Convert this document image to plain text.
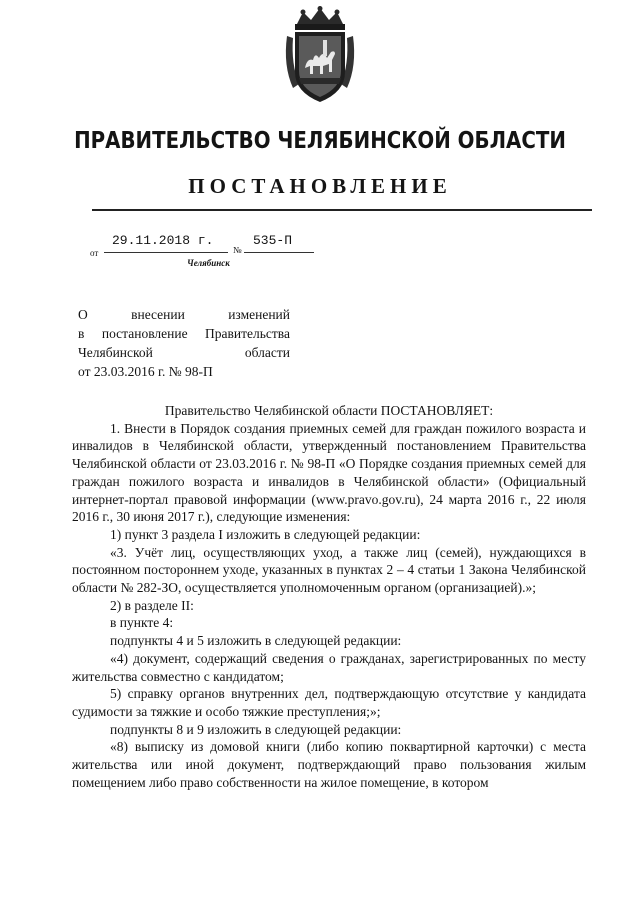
ПРАВИТЕЛЬСТВО ЧЕЛЯБИНСКОЙ ОБЛАСТИ
ПОСТАНОВЛЕНИЕ
от
29.11.2018 г.
№
535-П
Челябинск
О внесении изменений
в постановление Правительства
Челябинской области
от 23.03.2016 г. № 98-П

Правительство Челябинской области ПОСТАНОВЛЯЕТ:

1. Внести в Порядок создания приемных семей для граждан пожилого возраста и инвалидов в Челябинской области, утвержденный постановлением Правительства Челябинской области от 23.03.2016 г. № 98-П «О Порядке создания приемных семей для граждан пожилого возраста и инвалидов в Челябинской области» (Официальный интернет-портал правовой информации (www.pravo.gov.ru), 24 марта 2016 г., 22 июля 2016 г., 30 июня 2017 г.), следующие изменения:

1) пункт 3 раздела I изложить в следующей редакции:

«3. Учёт лиц, осуществляющих уход, а также лиц (семей), нуждающихся в постоянном постороннем уходе, указанных в пунктах 2 – 4 статьи 1 Закона Челябинской области № 282-ЗО, осуществляется уполномоченным органом (организацией).»;

2) в разделе II:

в пункте 4:

подпункты 4 и 5 изложить в следующей редакции:

«4) документ, содержащий сведения о гражданах, зарегистрированных по месту жительства совместно с кандидатом;

5) справку органов внутренних дел, подтверждающую отсутствие у кандидата судимости за тяжкие и особо тяжкие преступления;»;

подпункты 8 и 9 изложить в следующей редакции:

«8) выписку из домовой книги (либо копию поквартирной карточки) с места жительства или иной документ, подтверждающий право пользования жилым помещением либо право собственности на жилое помещение, в котором
